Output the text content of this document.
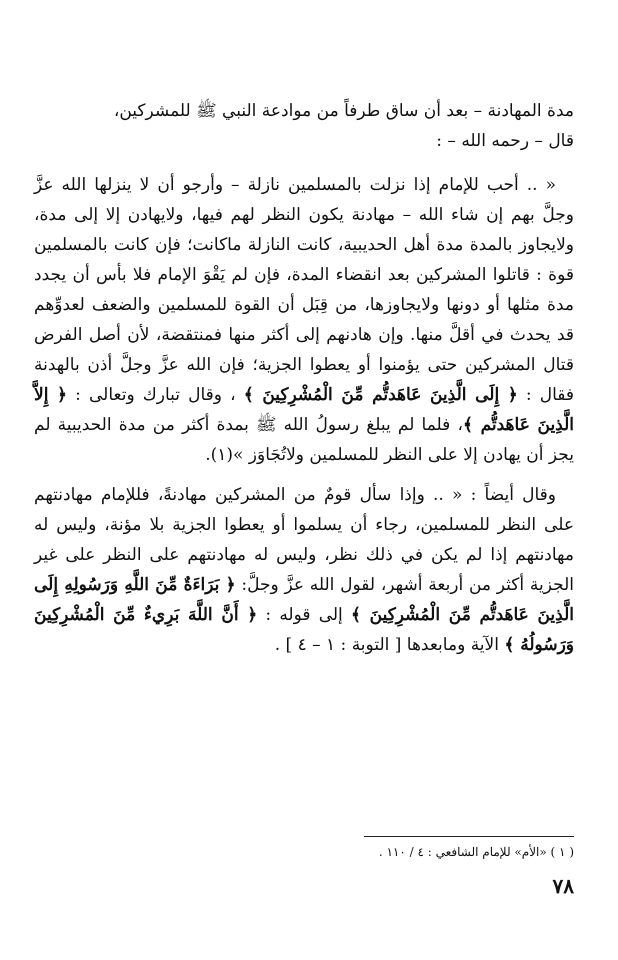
مدة المهادنة – بعد أن ساق طرفاً من موادعة النبي ﷺ للمشركين،
قال – رحمه الله – :

« .. أحب للإمام إذا نزلت بالمسلمين نازلة – وأرجو أن لا ينزلها الله عزَّ وجلَّ بهم إن شاء الله – مهادنة يكون النظر لهم فيها، ولايهادن إلا إلى مدة، ولايجاوز بالمدة مدة أهل الحديبية، كانت النازلة ماكانت؛ فإن كانت بالمسلمين قوة : قاتلوا المشركين بعد انقضاء المدة، فإن لم يَقْوَ الإمام فلا بأس أن يجدد مدة مثلها أو دونها ولايجاوزها، من قِبَل أن القوة للمسلمين والضعف لعدوِّهم قد يحدث في أقلَّ منها. وإن هادنهم إلى أكثر منها فمنتقضة، لأن أصل الفرض قتال المشركين حتى يؤمنوا أو يعطوا الجزية؛ فإن الله عزَّ وجلَّ أذن بالهدنة فقال : ﴿ إِلَى الَّذِينَ عَاهَدتُّم مِّنَ الْمُشْرِكِينَ ﴾ ، وقال تبارك وتعالى : ﴿ إِلاَّ الَّذِينَ عَاهَدتُّم ﴾، فلما لم يبلغ رسولُ الله ﷺ بمدة أكثر من مدة الحديبية لم يجز أن يهادن إلا على النظر للمسلمين ولاتُجَاوَز »(١).

وقال أيضاً : « .. وإذا سأل قومٌ من المشركين مهادنةً، فللإمام مهادنتهم على النظر للمسلمين، رجاء أن يسلموا أو يعطوا الجزية بلا مؤنة، وليس له مهادنتهم إذا لم يكن في ذلك نظر، وليس له مهادنتهم على النظر على غير الجزية أكثر من أربعة أشهر، لقول الله عزَّ وجلَّ: ﴿ بَرَاءَةٌ مِّنَ اللَّهِ وَرَسُولِهِ إِلَى الَّذِينَ عَاهَدتُّم مِّنَ الْمُشْرِكِينَ ﴾ إلى قوله : ﴿ أَنَّ اللَّهَ بَرِيءٌ مِّنَ الْمُشْرِكِينَ وَرَسُولُهُ ﴾ الآية ومابعدها [ التوبة : ١ – ٤ ] .

( ١ ) «الأم» للإمام الشافعي : ٤ / ١١٠ .
٧٨
